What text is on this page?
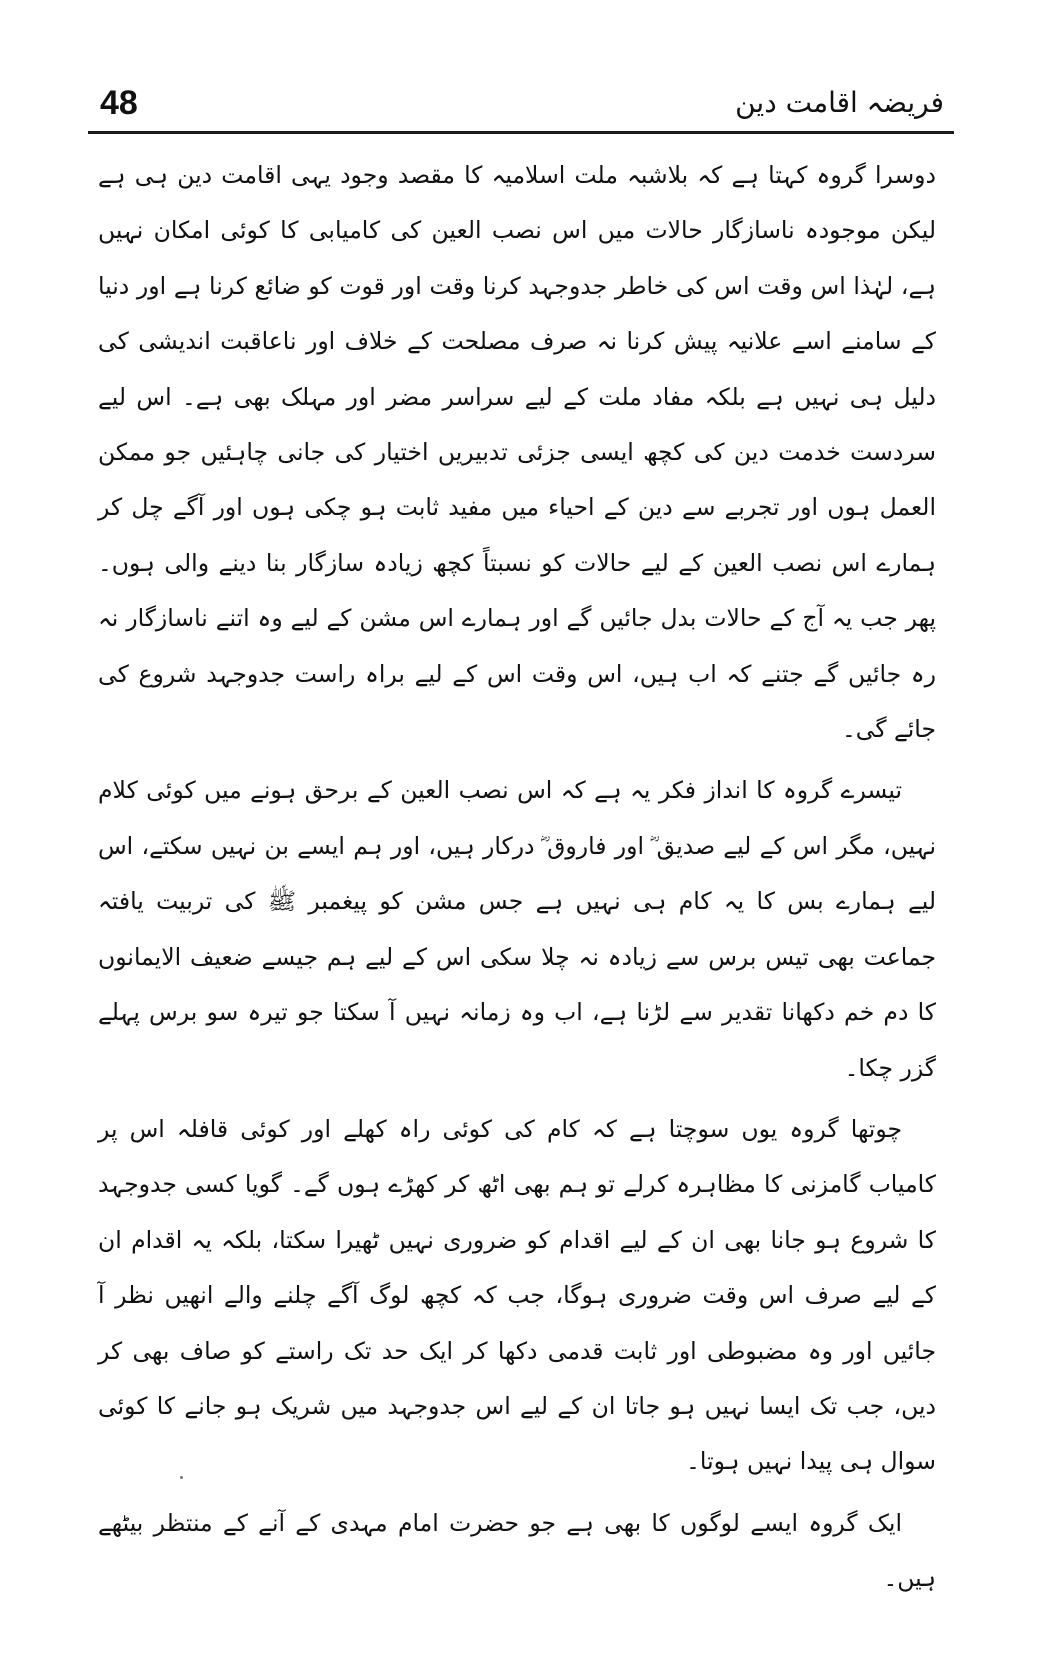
48	فریضہ اقامت دین

دوسرا گروہ کہتا ہے کہ بلاشبہ ملت اسلامیہ کا مقصد وجود یہی اقامت دین ہی ہے لیکن موجودہ ناسازگار حالات میں اس نصب العین کی کامیابی کا کوئی امکان نہیں ہے، لہٰذا اس وقت اس کی خاطر جدوجہد کرنا وقت اور قوت کو ضائع کرنا ہے اور دنیا کے سامنے اسے علانیہ پیش کرنا نہ صرف مصلحت کے خلاف اور ناعاقبت اندیشی کی دلیل ہی نہیں ہے بلکہ مفاد ملت کے لیے سراسر مضر اور مہلک بھی ہے۔ اس لیے سردست خدمت دین کی کچھ ایسی جزئی تدبیریں اختیار کی جانی چاہئیں جو ممکن العمل ہوں اور تجربے سے دین کے احیاء میں مفید ثابت ہو چکی ہوں اور آگے چل کر ہمارے اس نصب العین کے لیے حالات کو نسبتاً کچھ زیادہ سازگار بنا دینے والی ہوں۔ پھر جب یہ آج کے حالات بدل جائیں گے اور ہمارے اس مشن کے لیے وہ اتنے ناسازگار نہ رہ جائیں گے جتنے کہ اب ہیں، اس وقت اس کے لیے براہ راست جدوجہد شروع کی جائے گی۔

تیسرے گروہ کا انداز فکر یہ ہے کہ اس نصب العین کے برحق ہونے میں کوئی کلام نہیں، مگر اس کے لیے صدیق ؓ اور فاروق ؓ درکار ہیں، اور ہم ایسے بن نہیں سکتے، اس لیے ہمارے بس کا یہ کام ہی نہیں ہے جس مشن کو پیغمبر ﷺ کی تربیت یافتہ جماعت بھی تیس برس سے زیادہ نہ چلا سکی اس کے لیے ہم جیسے ضعیف الایمانوں کا دم خم دکھانا تقدیر سے لڑنا ہے، اب وہ زمانہ نہیں آ سکتا جو تیرہ سو برس پہلے گزر چکا۔

چوتھا گروہ یوں سوچتا ہے کہ کام کی کوئی راہ کھلے اور کوئی قافلہ اس پر کامیاب گامزنی کا مظاہرہ کرلے تو ہم بھی اٹھ کر کھڑے ہوں گے۔ گویا کسی جدوجہد کا شروع ہو جانا بھی ان کے لیے اقدام کو ضروری نہیں ٹھیرا سکتا، بلکہ یہ اقدام ان کے لیے صرف اس وقت ضروری ہوگا، جب کہ کچھ لوگ آگے چلنے والے انھیں نظر آ جائیں اور وہ مضبوطی اور ثابت قدمی دکھا کر ایک حد تک راستے کو صاف بھی کر دیں، جب تک ایسا نہیں ہو جاتا ان کے لیے اس جدوجہد میں شریک ہو جانے کا کوئی سوال ہی پیدا نہیں ہوتا۔

ایک گروہ ایسے لوگوں کا بھی ہے جو حضرت امام مہدی کے آنے کے منتظر بیٹھے ہیں۔
